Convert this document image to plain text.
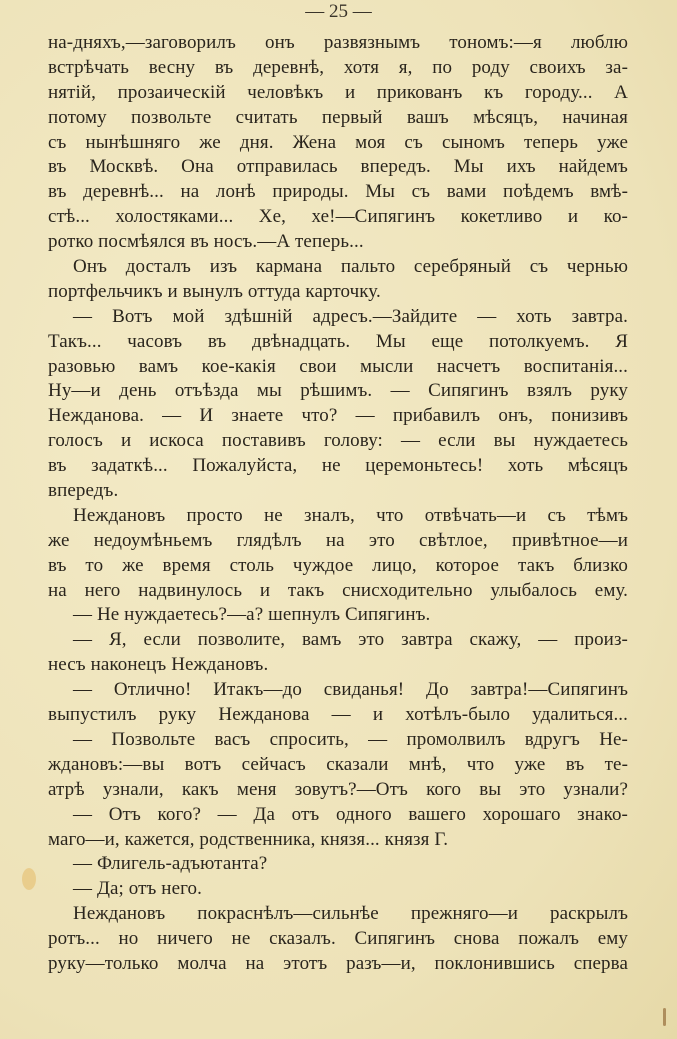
— 25 —
на-дняхъ,—заговорилъ онъ развязнымъ тономъ:—я люблю
встрѣчать весну въ деревнѣ, хотя я, по роду своихъ за-
нятій, прозаическій человѣкъ и прикованъ къ городу... А
потому позвольте считать первый вашъ мѣсяцъ, начиная
съ нынѣшняго же дня. Жена моя съ сыномъ теперь уже
въ Москвѣ. Она отправилась впередъ. Мы ихъ найдемъ
въ деревнѣ... на лонѣ природы. Мы съ вами поѣдемъ вмѣ-
стѣ... холостяками... Хе, хе!—Сипягинъ кокетливо и ко-
ротко посмѣялся въ носъ.—А теперь...
Онъ досталъ изъ кармана пальто серебряный съ чернью
портфельчикъ и вынулъ оттуда карточку.
— Вотъ мой здѣшній адресъ.—Зайдите — хоть завтра.
Такъ... часовъ въ двѣнадцать. Мы еще потолкуемъ. Я
разовью вамъ кое-какія свои мысли насчетъ воспитанія...
Ну—и день отъѣзда мы рѣшимъ. — Сипягинъ взялъ руку
Нежданова. — И знаете что? — прибавилъ онъ, понизивъ
голосъ и искоса поставивъ голову: — если вы нуждаетесь
въ задаткѣ... Пожалуйста, не церемоньтесь! хоть мѣсяцъ
впередъ.
Неждановъ просто не зналъ, что отвѣчать—и съ тѣмъ
же недоумѣньемъ глядѣлъ на это свѣтлое, привѣтное—и
въ то же время столь чуждое лицо, которое такъ близко
на него надвинулось и такъ снисходительно улыбалось ему.
— Не нуждаетесь?—а? шепнулъ Сипягинъ.
— Я, если позволите, вамъ это завтра скажу, — произ-
несъ наконецъ Неждановъ.
— Отлично! Итакъ—до свиданья! До завтра!—Сипягинъ
выпустилъ руку Нежданова — и хотѣлъ-было удалиться...
— Позвольте васъ спросить, — промолвилъ вдругъ Не-
ждановъ:—вы вотъ сейчасъ сказали мнѣ, что уже въ те-
атрѣ узнали, какъ меня зовутъ?—Отъ кого вы это узнали?
— Отъ кого? — Да отъ одного вашего хорошаго знако-
маго—и, кажется, родственника, князя... князя Г.
— Флигель-адъютанта?
— Да; отъ него.
Неждановъ покраснѣлъ—сильнѣе прежняго—и раскрылъ
ротъ... но ничего не сказалъ. Сипягинъ снова пожалъ ему
руку—только молча на этотъ разъ—и, поклонившись сперва
